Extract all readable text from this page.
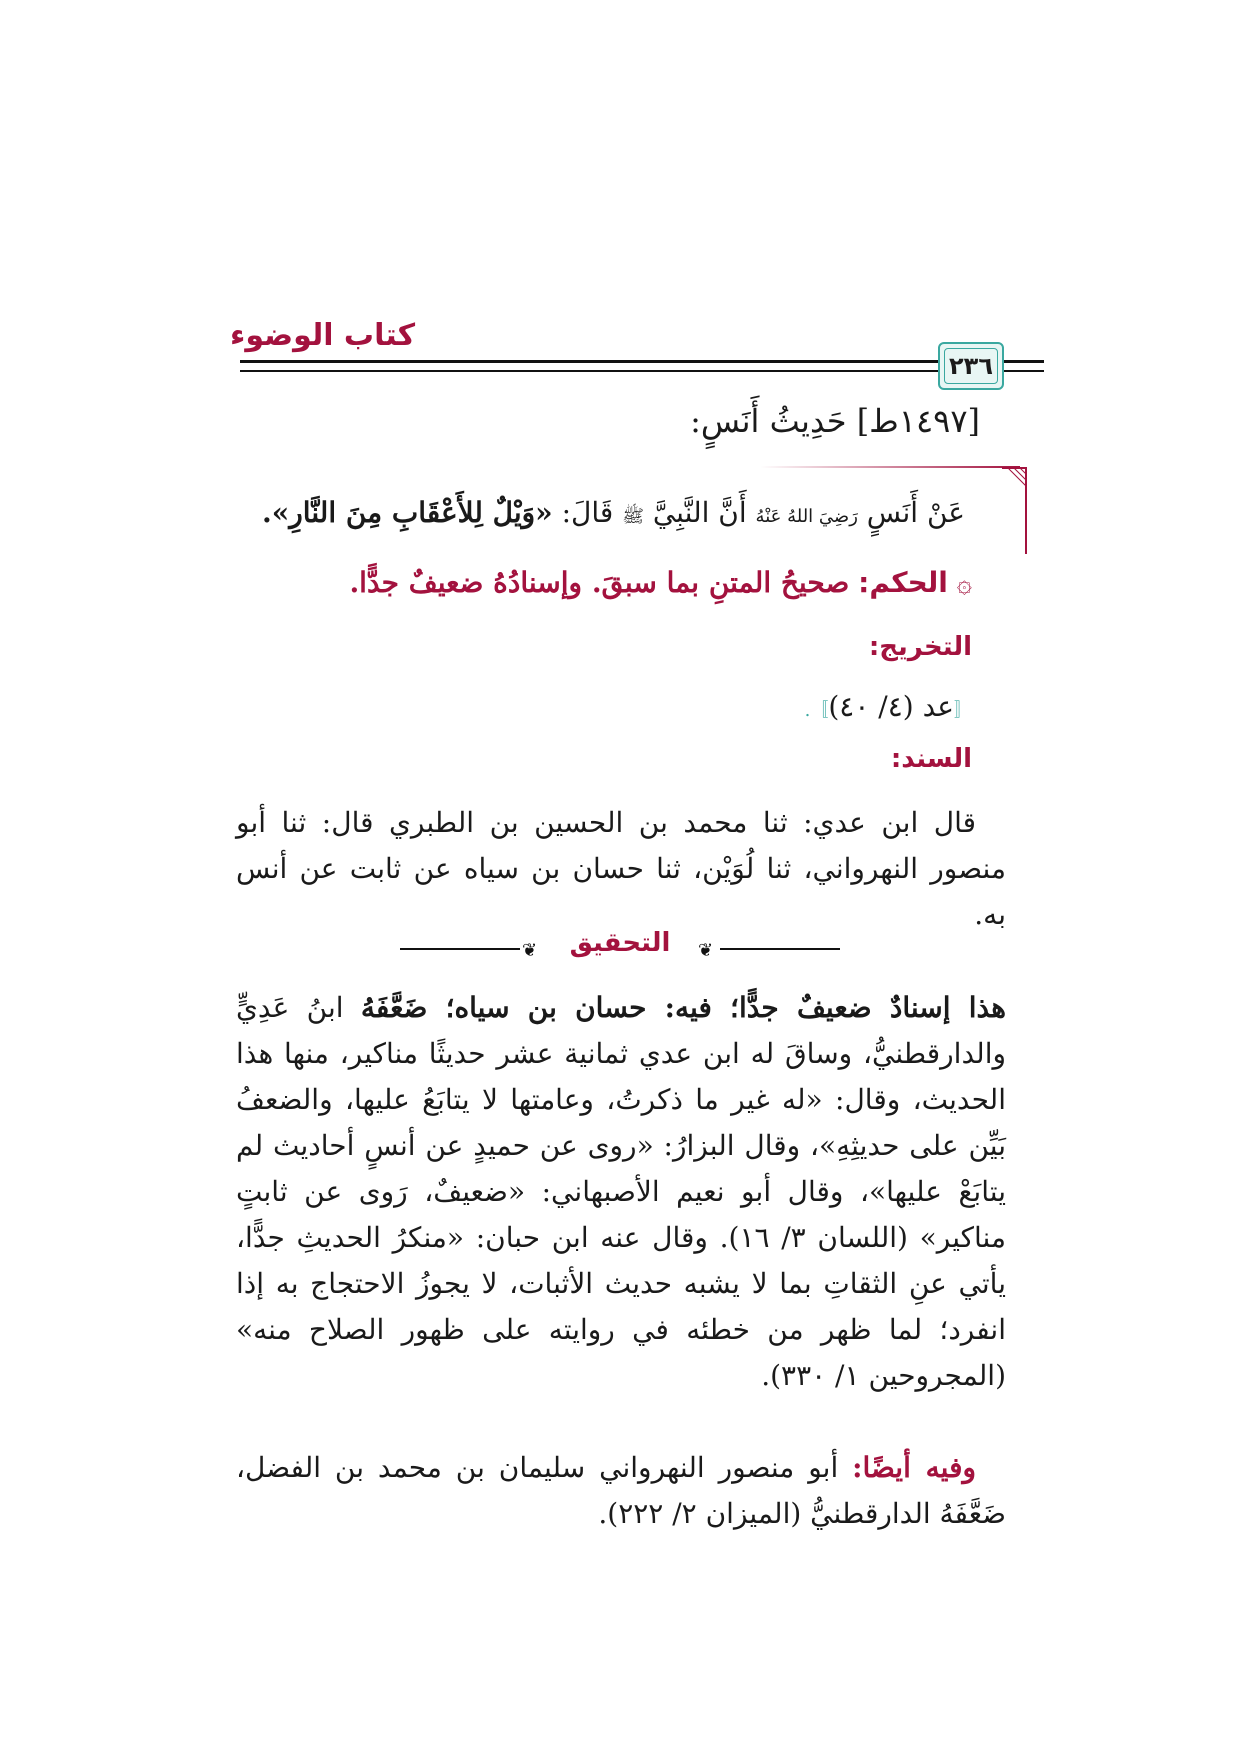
كتاب الوضوء
٢٣٦
[١٤٩٧ط] حَدِيثُ أَنَسٍ:
عَنْ أَنَسٍ رَضِيَ اللهُ عَنْهُ أَنَّ النَّبِيَّ ﷺ قَالَ: «وَيْلٌ لِلأَعْقَابِ مِنَ النَّارِ».
۞ الحكم: صحيحُ المتنِ بما سبقَ. وإسنادُهُ ضعيفٌ جدًّا.
التخريج:
〚عد (٤/ ٤٠)〛.
السند:
قال ابن عدي: ثنا محمد بن الحسين بن الطبري قال: ثنا أبو منصور النهرواني، ثنا لُوَيْن، ثنا حسان بن سياه عن ثابت عن أنس به.
❦	❦
التحقيق
هذا إسنادٌ ضعيفٌ جدًّا؛ فيه: حسان بن سياه؛ ضَعَّفَهُ ابنُ عَدِيٍّ والدارقطنيُّ، وساقَ له ابن عدي ثمانية عشر حديثًا مناكير، منها هذا الحديث، وقال: «له غير ما ذكرتُ، وعامتها لا يتابَعُ عليها، والضعفُ بَيِّن على حديثِهِ»، وقال البزارُ: «روى عن حميدٍ عن أنسٍ أحاديث لم يتابَعْ عليها»، وقال أبو نعيم الأصبهاني: «ضعيفٌ، رَوى عن ثابتٍ مناكير» (اللسان ٣/ ١٦). وقال عنه ابن حبان: «منكرُ الحديثِ جدًّا، يأتي عنِ الثقاتِ بما لا يشبه حديث الأثبات، لا يجوزُ الاحتجاج به إذا انفرد؛ لما ظهر من خطئه في روايته على ظهور الصلاح منه» (المجروحين ١/ ٣٣٠).
وفيه أيضًا: أبو منصور النهرواني سليمان بن محمد بن الفضل، ضَعَّفَهُ الدارقطنيُّ (الميزان ٢/ ٢٢٢).
